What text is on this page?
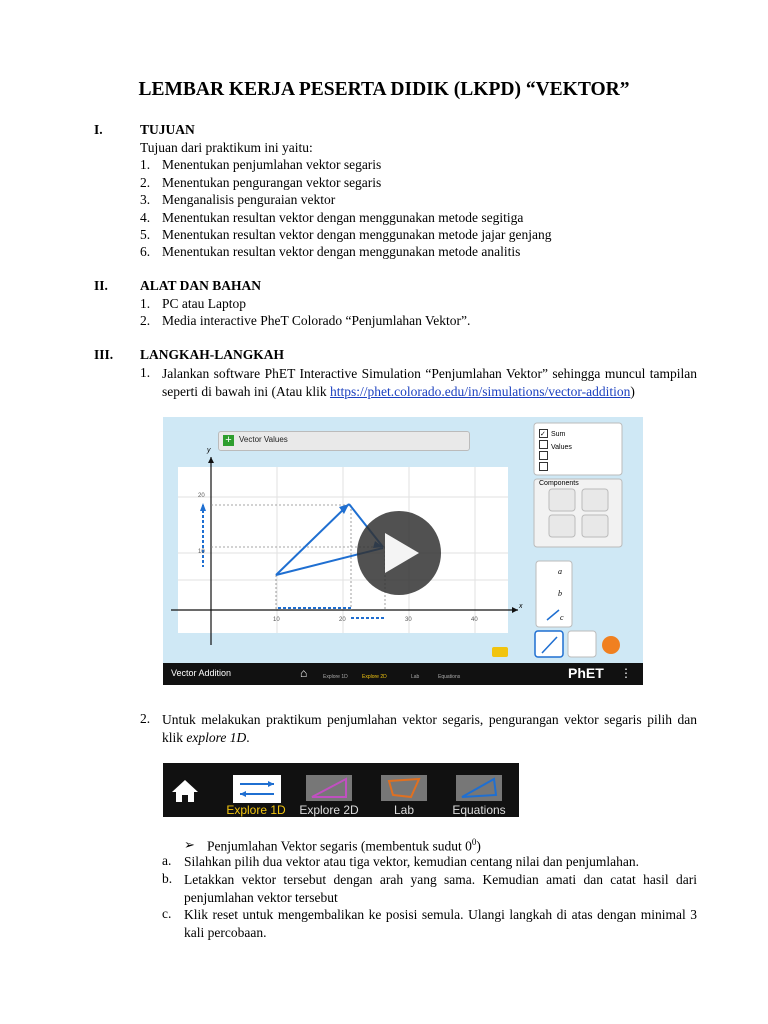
LEMBAR KERJA PESERTA DIDIK (LKPD) “VEKTOR”
I.	TUJUAN
Tujuan dari praktikum ini yaitu:
1. Menentukan penjumlahan vektor segaris
2. Menentukan pengurangan vektor segaris
3. Menganalisis penguraian vektor
4. Menentukan resultan vektor dengan menggunakan metode segitiga
5. Menentukan resultan vektor dengan menggunakan metode jajar genjang
6. Menentukan resultan vektor dengan menggunakan metode analitis
II. ALAT DAN BAHAN
1. PC atau Laptop
2. Media interactive PheT Colorado “Penjumlahan Vektor”.
III. LANGKAH-LANGKAH
1. Jalankan software PhET Interactive Simulation “Penjumlahan Vektor” sehingga muncul tampilan seperti di bawah ini (Atau klik https://phet.colorado.edu/in/simulations/vector-addition)
+ Vector Values
✓ Sum
Values
Components
a
b
c
10	20	30	40
20
10
x
y
Vector Addition	⌂	Explore 1D	Explore 2D	Lab	Equations	PhET ⋮
2. Untuk melakukan praktikum penjumlahan vektor segaris, pengurangan vektor segaris pilih dan klik explore 1D.
Explore 1D	Explore 2D	Lab	Equations
➢ Penjumlahan Vektor segaris (membentuk sudut $0^0$)
a. Silahkan pilih dua vektor atau tiga vektor, kemudian centang nilai dan penjumlahan.
b. Letakkan vektor tersebut dengan arah yang sama. Kemudian amati dan catat hasil dari penjumlahan vektor tersebut
c. Klik reset untuk mengembalikan ke posisi semula. Ulangi langkah di atas dengan minimal 3 kali percobaan.
